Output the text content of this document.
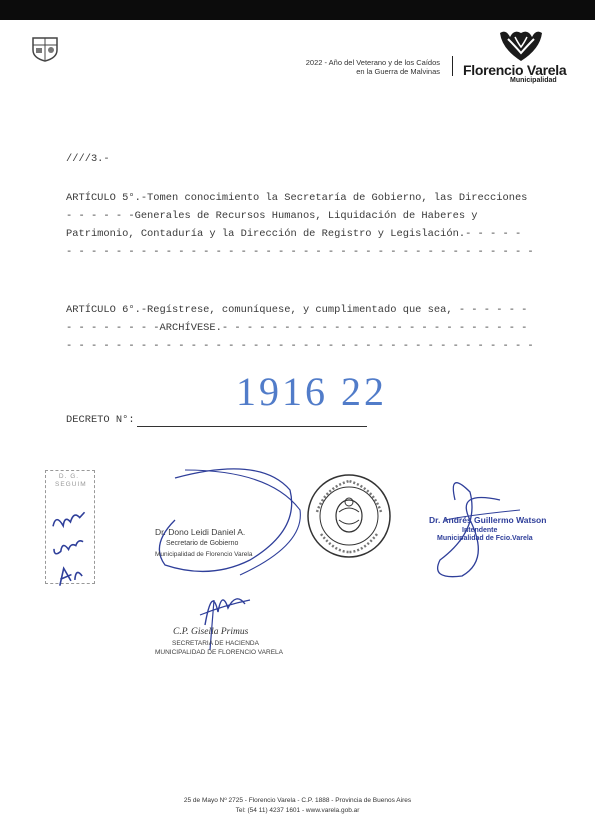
2022 - Año del Veterano y de los Caídos
en la Guerra de Malvinas Florencio Varela
Municipalidad
////3.-
ARTÍCULO 5°.-Tomen conocimiento la Secretaría de Gobierno, las Direcciones
- - - - - -Generales de Recursos Humanos, Liquidación de Haberes y
Patrimonio, Contaduría y la Dirección de Registro y Legislación.- - - - -
- - - - - - - - - - - - - - - - - - - - - - - - - - - - - - - - - - - - - -
ARTÍCULO 6°.-Regístrese, comuníquese, y cumplimentado que sea, - - - - - -
- - - - - - - -ARCHÍVESE.- - - - - - - - - - - - - - - - - - - - - - - - -
- - - - - - - - - - - - - - - - - - - - - - - - - - - - - - - - - - - - - -
1916 22
DECRETO N°:
D. G.
SEGUIM
Dr. Dono Leidi Daniel A.
Secretario de Gobierno
Municipalidad de Florencio Varela
Dr. Andrés Guillermo Watson
Intendente
Municipalidad de Fcio.Varela
C.P. Gisella Primus
SECRETARIA DE HACIENDA
MUNICIPALIDAD DE FLORENCIO VARELA
25 de Mayo Nº 2725 - Florencio Varela - C.P. 1888 - Provincia de Buenos Aires
Tel: (54 11) 4237 1601 - www.varela.gob.ar
